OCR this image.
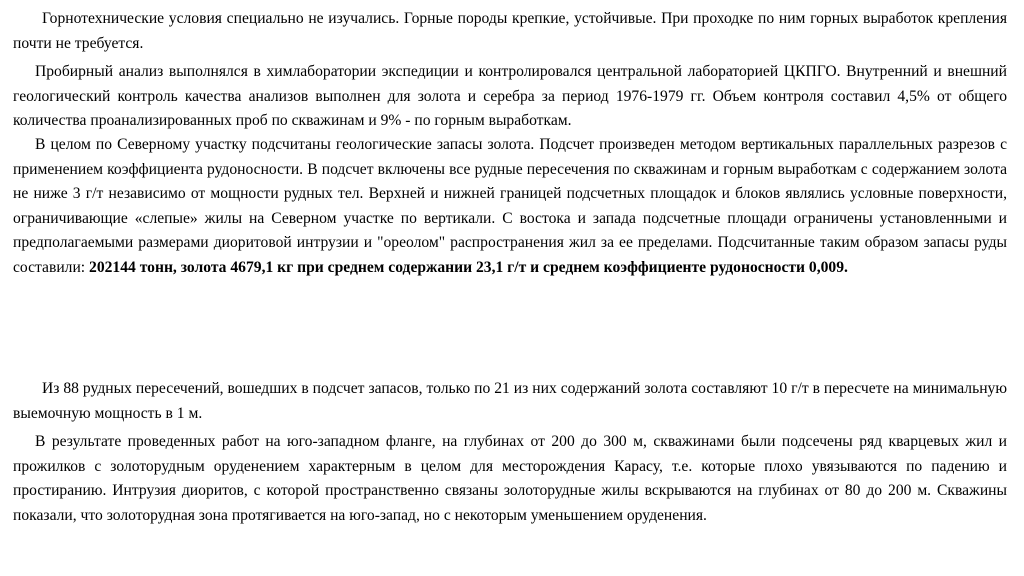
Горнотехнические условия специально не изучались. Горные породы крепкие, устойчивые. При проходке по ним горных выработок крепления почти не требуется.

Пробирный анализ выполнялся в химлаборатории экспедиции и контролировался центральной лабораторией ЦКПГО. Внутренний и внешний геологический контроль качества анализов выполнен для золота и серебра за период 1976-1979 гг. Объем контроля составил 4,5% от общего количества проанализированных проб по скважинам и 9% - по горным выработкам.

В целом по Северному участку подсчитаны геологические запасы золота. Подсчет произведен методом вертикальных параллельных разрезов с применением коэффициента рудоносности. В подсчет включены все рудные пересечения по скважинам и горным выработкам с содержанием золота не ниже 3 г/т независимо от мощности рудных тел. Верхней и нижней границей подсчетных площадок и блоков являлись условные поверхности, ограничивающие «слепые» жилы на Северном участке по вертикали. С востока и запада подсчетные площади ограничены установленными и предполагаемыми размерами диоритовой интрузии и "ореолом" распространения жил за ее пределами. Подсчитанные таким образом запасы руды составили: 202144 тонн, золота 4679,1 кг при среднем содержании 23,1 г/т и среднем коэффициенте рудоносности 0,009.

Из 88 рудных пересечений, вошедших в подсчет запасов, только по 21 из них содержаний золота составляют 10 г/т в пересчете на минимальную выемочную мощность в 1 м.

В результате проведенных работ на юго-западном фланге, на глубинах от 200 до 300 м, скважинами были подсечены ряд кварцевых жил и прожилков с золоторудным оруденением характерным в целом для месторождения Карасу, т.е. которые плохо увязываются по падению и простиранию. Интрузия диоритов, с которой пространственно связаны золоторудные жилы вскрываются на глубинах от 80 до 200 м. Скважины показали, что золоторудная зона протягивается на юго-запад, но с некоторым уменьшением оруденения.
